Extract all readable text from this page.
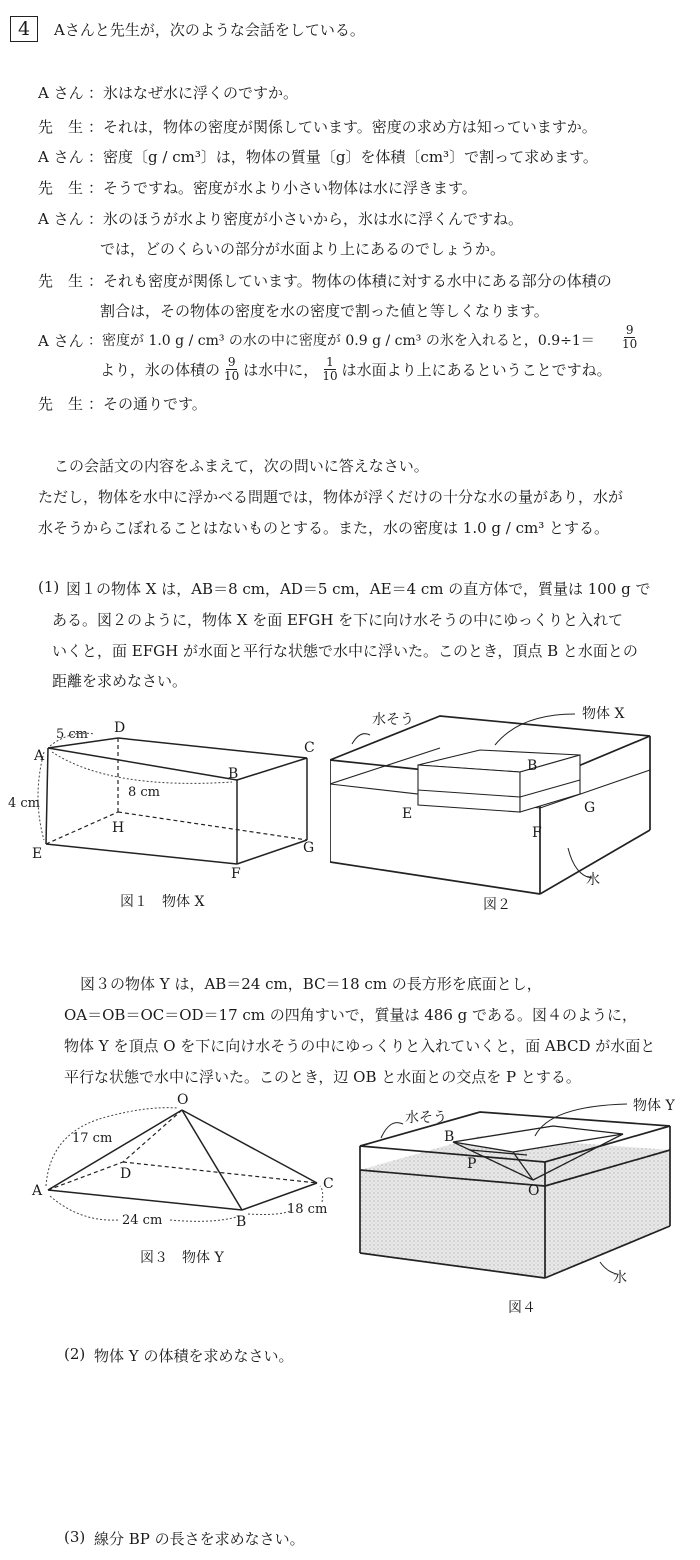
4	Aさんと先生が，次のような会話をしている。
A さん ：氷はなぜ水に浮くのですか。
先　生 ：それは，物体の密度が関係しています。密度の求め方は知っていますか。
A さん ：密度〔g / cm³〕は，物体の質量〔g〕を体積〔cm³〕で割って求めます。
先　生 ：そうですね。密度が水より小さい物体は水に浮きます。
A さん ：氷のほうが水より密度が小さいから，氷は水に浮くんですね。
では，どのくらいの部分が水面より上にあるのでしょうか。
先　生 ：それも密度が関係しています。物体の体積に対する水中にある部分の体積の
割合は，その物体の密度を水の密度で割った値と等しくなります。
A さん ：密度が 1.0 g / cm³ の水の中に密度が 0.9 g / cm³ の氷を入れると，$0.9\div 1= \frac{9}{10}$
より，氷の体積の $\frac{9}{10}$ は水中に， $\frac{1}{10}$ は水面より上にあるということですね。
先　生 ：その通りです。
この会話文の内容をふまえて，次の問いに答えなさい。
ただし，物体を水中に浮かべる問題では，物体が浮くだけの十分な水の量があり，水が
水そうからこぼれることはないものとする。また，水の密度は 1.0 g / cm³ とする。
(1) 図１の物体 X は，AB＝8 cm，AD＝5 cm，AE＝4 cm の直方体で，質量は 100 g で
ある。図２のように，物体 X を面 EFGH を下に向け水そうの中にゆっくりと入れて
いくと，面 EFGH が水面と平行な状態で水中に浮いた。このとき，頂点 B と水面との
距離を求めなさい。
A
D
C
B
H
E
F
G
5 cm
8 cm
4 cm
図１　物体 X
水そう	物体 X
水
B
E
F
G
図２
図３の物体 Y は，AB＝24 cm，BC＝18 cm の長方形を底面とし，
OA＝OB＝OC＝OD＝17 cm の四角すいで，質量は 486 g である。図４のように，
物体 Y を頂点 O を下に向け水そうの中にゆっくりと入れていくと，面 ABCD が水面と
平行な状態で水中に浮いた。このとき，辺 OB と水面との交点を P とする。
O
A
B
C
D
17 cm
24 cm
18 cm
図３　物体 Y
水そう
物体 Y
水
B
P
O
図４
(2) 物体 Y の体積を求めなさい。
(3) 線分 BP の長さを求めなさい。
